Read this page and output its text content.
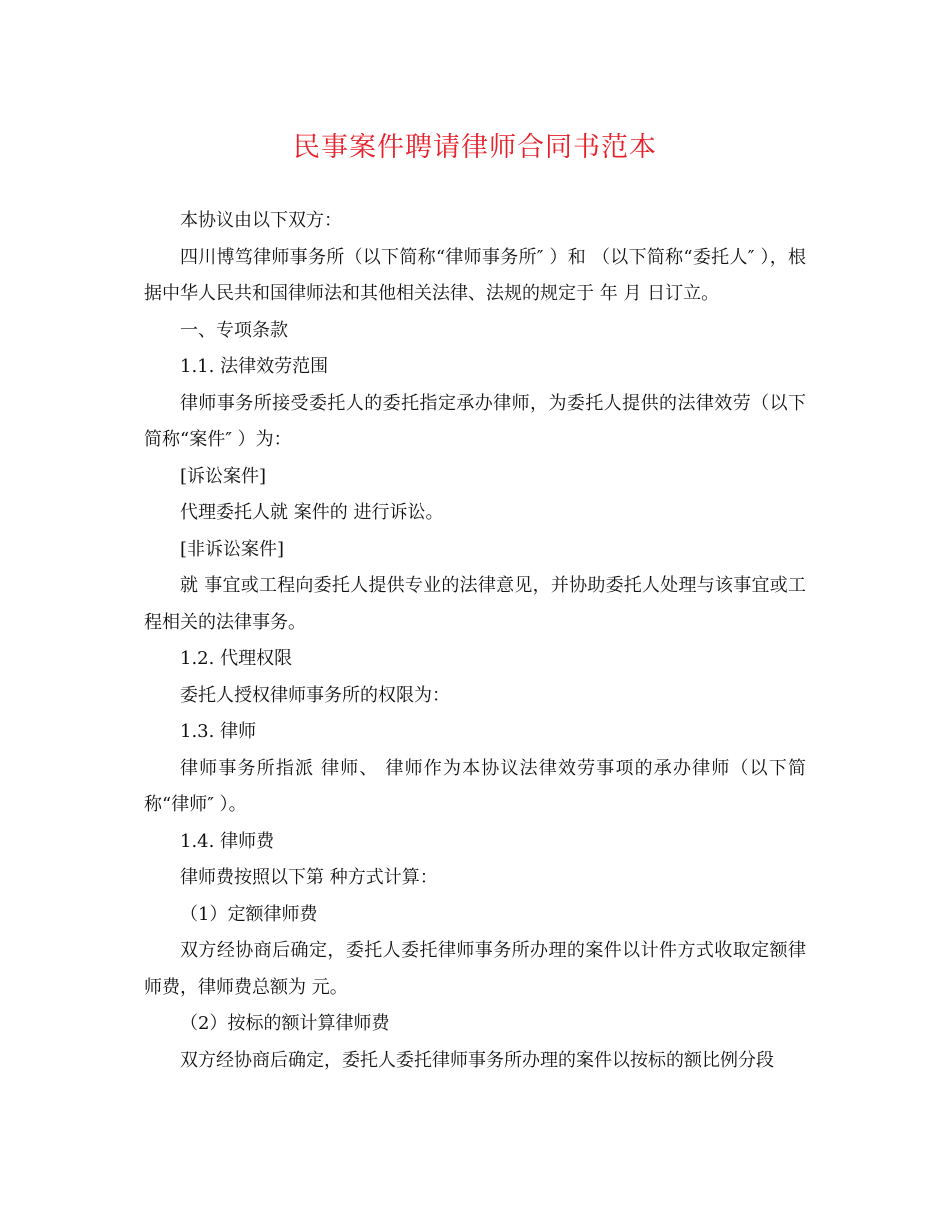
民事案件聘请律师合同书范本

本协议由以下双方：

四川博笃律师事务所（以下简称“律师事务所″ ）和 （以下简称“委托人″ ），根据中华人民共和国律师法和其他相关法律、法规的规定于 年 月 日订立。

一、专项条款

1.1. 法律效劳范围

律师事务所接受委托人的委托指定承办律师，为委托人提供的法律效劳（以下简称“案件″ ）为：

[诉讼案件]

代理委托人就 案件的 进行诉讼。

[非诉讼案件]

就 事宜或工程向委托人提供专业的法律意见，并协助委托人处理与该事宜或工程相关的法律事务。

1.2. 代理权限

委托人授权律师事务所的权限为：

1.3. 律师

律师事务所指派 律师、 律师作为本协议法律效劳事项的承办律师（以下简称“律师″ ）。

1.4. 律师费

律师费按照以下第 种方式计算：

（1）定额律师费

双方经协商后确定，委托人委托律师事务所办理的案件以计件方式收取定额律师费，律师费总额为 元。

（2）按标的额计算律师费

双方经协商后确定，委托人委托律师事务所办理的案件以按标的额比例分段
